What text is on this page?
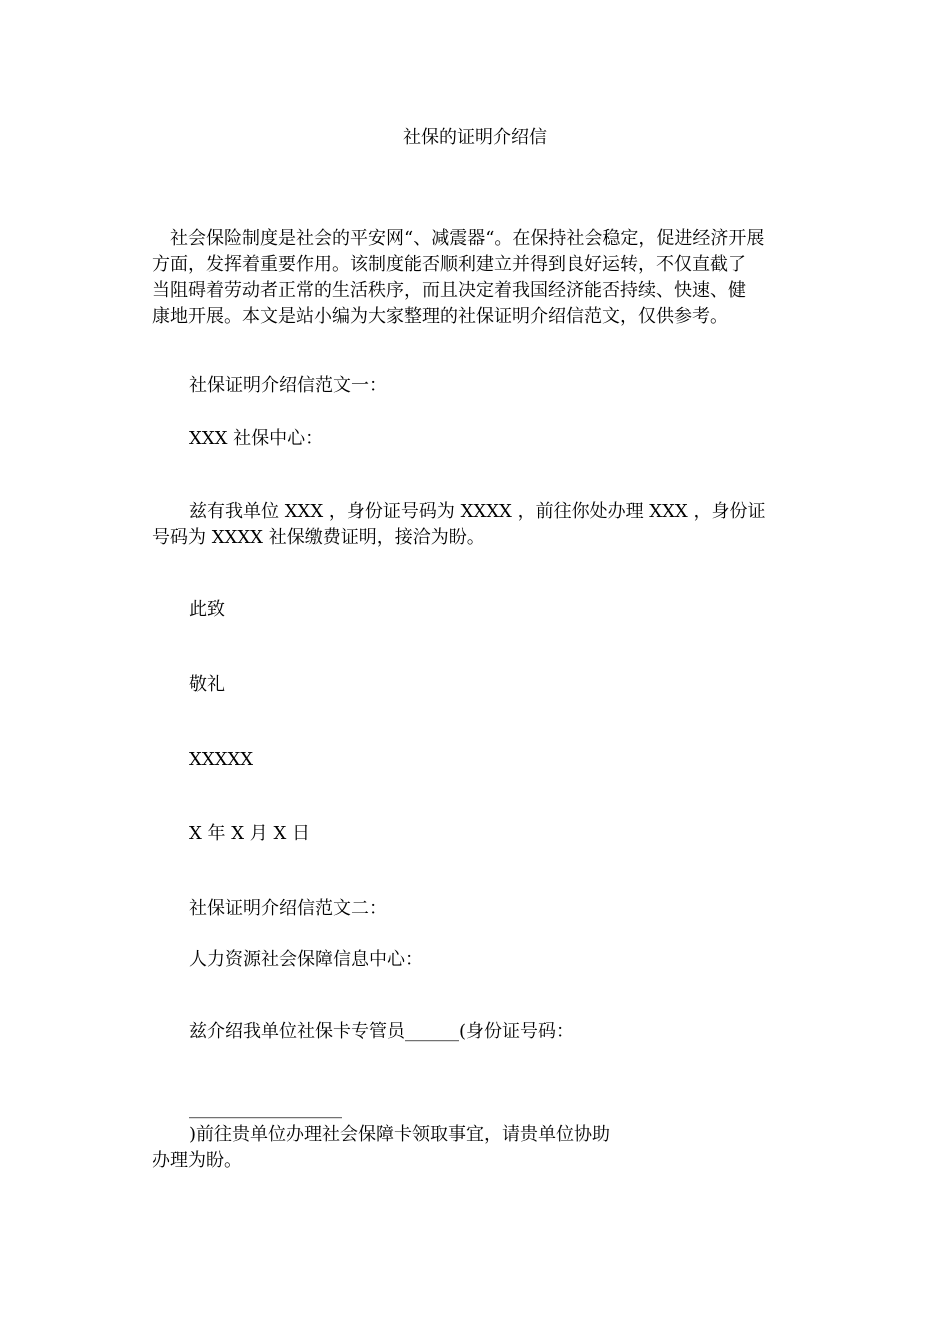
社保的证明介绍信
社会保险制度是社会的平安网“、减震器“。在保持社会稳定，促进经济开展
方面，发挥着重要作用。该制度能否顺利建立并得到良好运转，不仅直截了
当阻碍着劳动者正常的生活秩序，而且决定着我国经济能否持续、快速、健
康地开展。本文是站小编为大家整理的社保证明介绍信范文，仅供参考。
社保证明介绍信范文一：
XXX 社保中心：
兹有我单位 XXX ，身份证号码为 XXXX ，前往你处办理 XXX ，身份证
号码为 XXXX 社保缴费证明，接洽为盼。
此致
敬礼
XXXXX
X 年 X 月 X 日
社保证明介绍信范文二：
人力资源社会保障信息中心：
兹介绍我单位社保卡专管员______(身份证号码：
_________________
)前往贵单位办理社会保障卡领取事宜，请贵单位协助
办理为盼。
